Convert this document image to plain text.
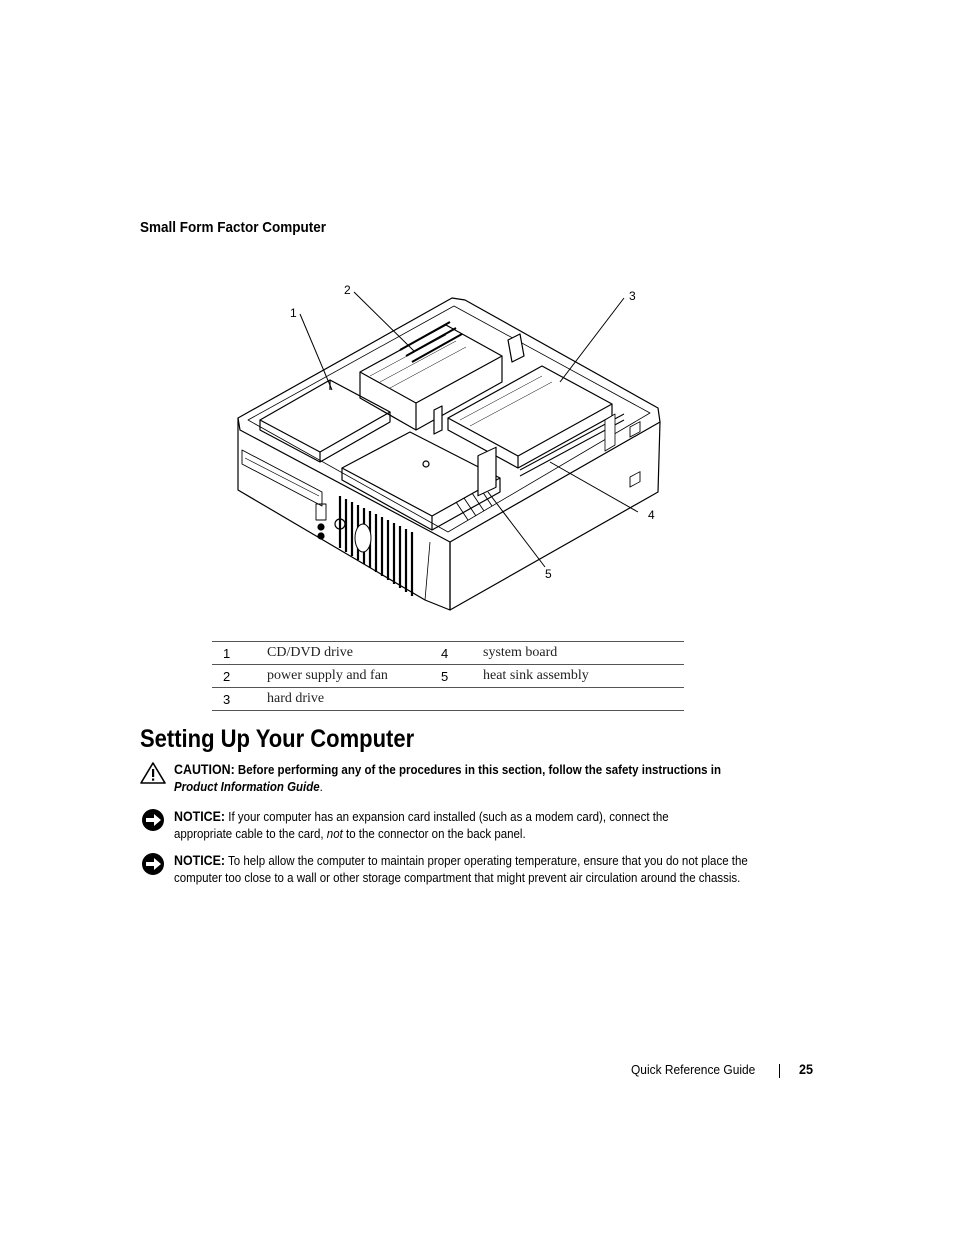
Small Form Factor Computer
1
2	3
4
5
1	CD/DVD drive	4	system board
2	power supply and fan	5	heat sink assembly
3	hard drive		
Setting Up Your Computer
CAUTION: Before performing any of the procedures in this section, follow the safety instructions in
Product Information Guide.
NOTICE: If your computer has an expansion card installed (such as a modem card), connect the appropriate cable to the card, not to the connector on the back panel.
NOTICE: To help allow the computer to maintain proper operating temperature, ensure that you do not place the computer too close to a wall or other storage compartment that might prevent air circulation around the chassis.
Quick Reference Guide	25
